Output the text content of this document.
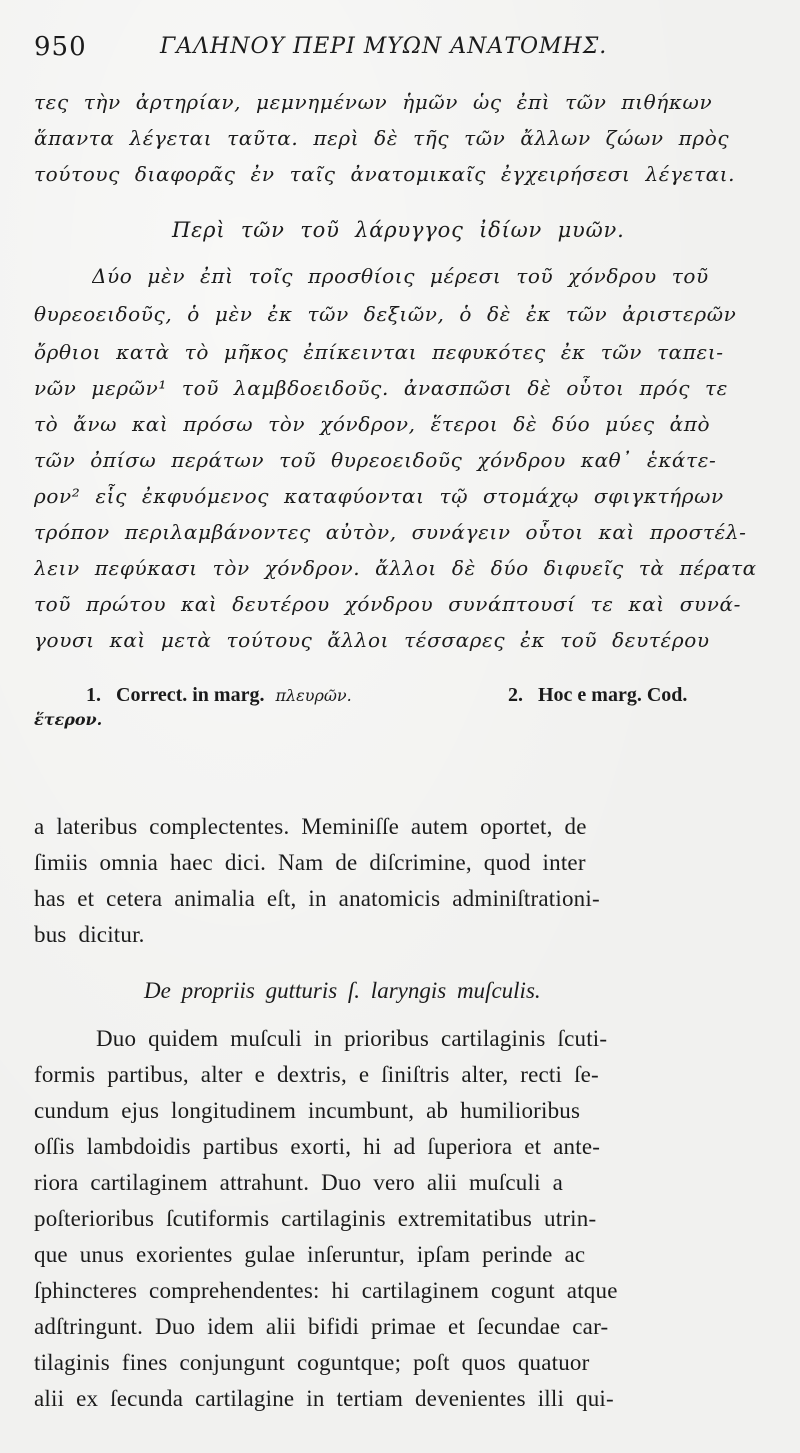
950	ΓΑΛΗΝΟΥ ΠΕΡΙ ΜΥΩΝ ΑΝΑΤΟΜΗΣ.
τες τὴν ἀρτηρίαν, μεμνημένων ἡμῶν ὡς ἐπὶ τῶν πιθήκων
ἅπαντα λέγεται ταῦτα. περὶ δὲ τῆς τῶν ἄλλων ζώων πρὸς
τούτους διαφορᾶς ἐν ταῖς ἀνατομικαῖς ἐγχειρήσεσι λέγεται.
Περὶ τῶν τοῦ λάρυγγος ἰδίων μυῶν.
Δύο μὲν ἐπὶ τοῖς προσθίοις μέρεσι τοῦ χόνδρου τοῦ
θυρεοειδοῦς, ὁ μὲν ἐκ τῶν δεξιῶν, ὁ δὲ ἐκ τῶν ἀριστερῶν
ὄρθιοι κατὰ τὸ μῆκος ἐπίκεινται πεφυκότες ἐκ τῶν ταπει-
νῶν μερῶν¹ τοῦ λαμβδοειδοῦς. ἀνασπῶσι δὲ οὗτοι πρός τε
τὸ ἄνω καὶ πρόσω τὸν χόνδρον, ἕτεροι δὲ δύο μύες ἀπὸ
τῶν ὀπίσω περάτων τοῦ θυρεοειδοῦς χόνδρου καθ᾽ ἑκάτε-
ρον² εἷς ἐκφυόμενος καταφύονται τῷ στομάχῳ σφιγκτήρων
τρόπον περιλαμβάνοντες αὐτὸν, συνάγειν οὗτοι καὶ προστέλ-
λειν πεφύκασι τὸν χόνδρον. ἄλλοι δὲ δύο διφυεῖς τὰ πέρατα
τοῦ πρώτου καὶ δευτέρου χόνδρου συνάπτουσί τε καὶ συνά-
γουσι καὶ μετὰ τούτους ἄλλοι τέσσαρες ἐκ τοῦ δευτέρου
1. Correct. in marg. πλευρῶν.	2. Hoc e marg. Cod.
ἕτερον.
a lateribus complectentes. Meminiſſe autem oportet, de
ſimiis omnia haec dici. Nam de diſcrimine, quod inter
has et cetera animalia eſt, in anatomicis adminiſtrationi-
bus dicitur.
De propriis gutturis ſ. laryngis muſculis.
Duo quidem muſculi in prioribus cartilaginis ſcuti-
formis partibus, alter e dextris, e ſiniſtris alter, recti ſe-
cundum ejus longitudinem incumbunt, ab humilioribus
oſſis lambdoidis partibus exorti, hi ad ſuperiora et ante-
riora cartilaginem attrahunt. Duo vero alii muſculi a
poſterioribus ſcutiformis cartilaginis extremitatibus utrin-
que unus exorientes gulae inſeruntur, ipſam perinde ac
ſphincteres comprehendentes: hi cartilaginem cogunt atque
adſtringunt. Duo idem alii bifidi primae et ſecundae car-
tilaginis fines conjungunt coguntque; poſt quos quatuor
alii ex ſecunda cartilagine in tertiam devenientes illi qui-
